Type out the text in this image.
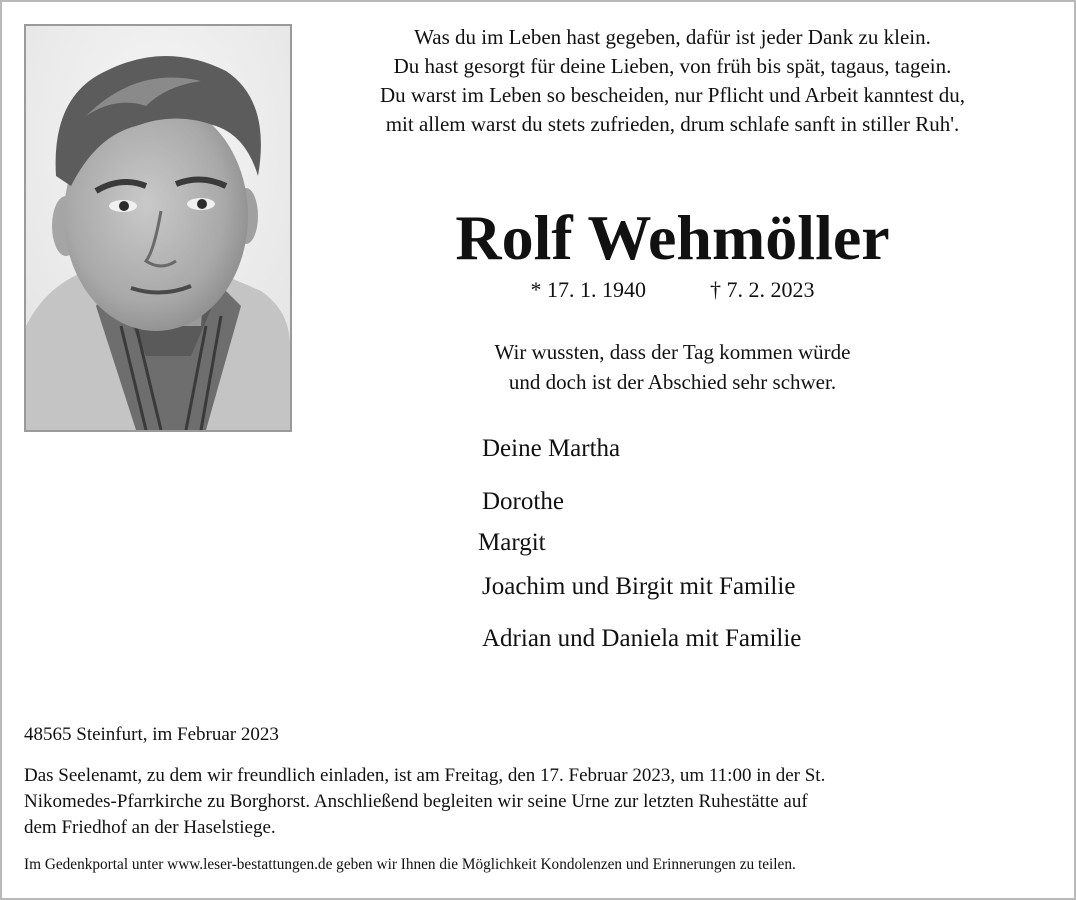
Was du im Leben hast gegeben, dafür ist jeder Dank zu klein.
Du hast gesorgt für deine Lieben, von früh bis spät, tagaus, tagein.
Du warst im Leben so bescheiden, nur Pflicht und Arbeit kanntest du,
mit allem warst du stets zufrieden, drum schlafe sanft in stiller Ruh'.
Rolf Wehmöller
* 17. 1. 1940	† 7. 2. 2023
Wir wussten, dass der Tag kommen würde
und doch ist der Abschied sehr schwer.
Deine Martha
Dorothe
Margit
Joachim und Birgit mit Familie
Adrian und Daniela mit Familie
48565 Steinfurt, im Februar 2023
Das Seelenamt, zu dem wir freundlich einladen, ist am Freitag, den 17. Februar 2023, um 11:00 in der St.
Nikomedes-Pfarrkirche zu Borghorst. Anschließend begleiten wir seine Urne zur letzten Ruhestätte auf
dem Friedhof an der Haselstiege.
Im Gedenkportal unter www.leser-bestattungen.de geben wir Ihnen die Möglichkeit Kondolenzen und Erinnerungen zu teilen.
